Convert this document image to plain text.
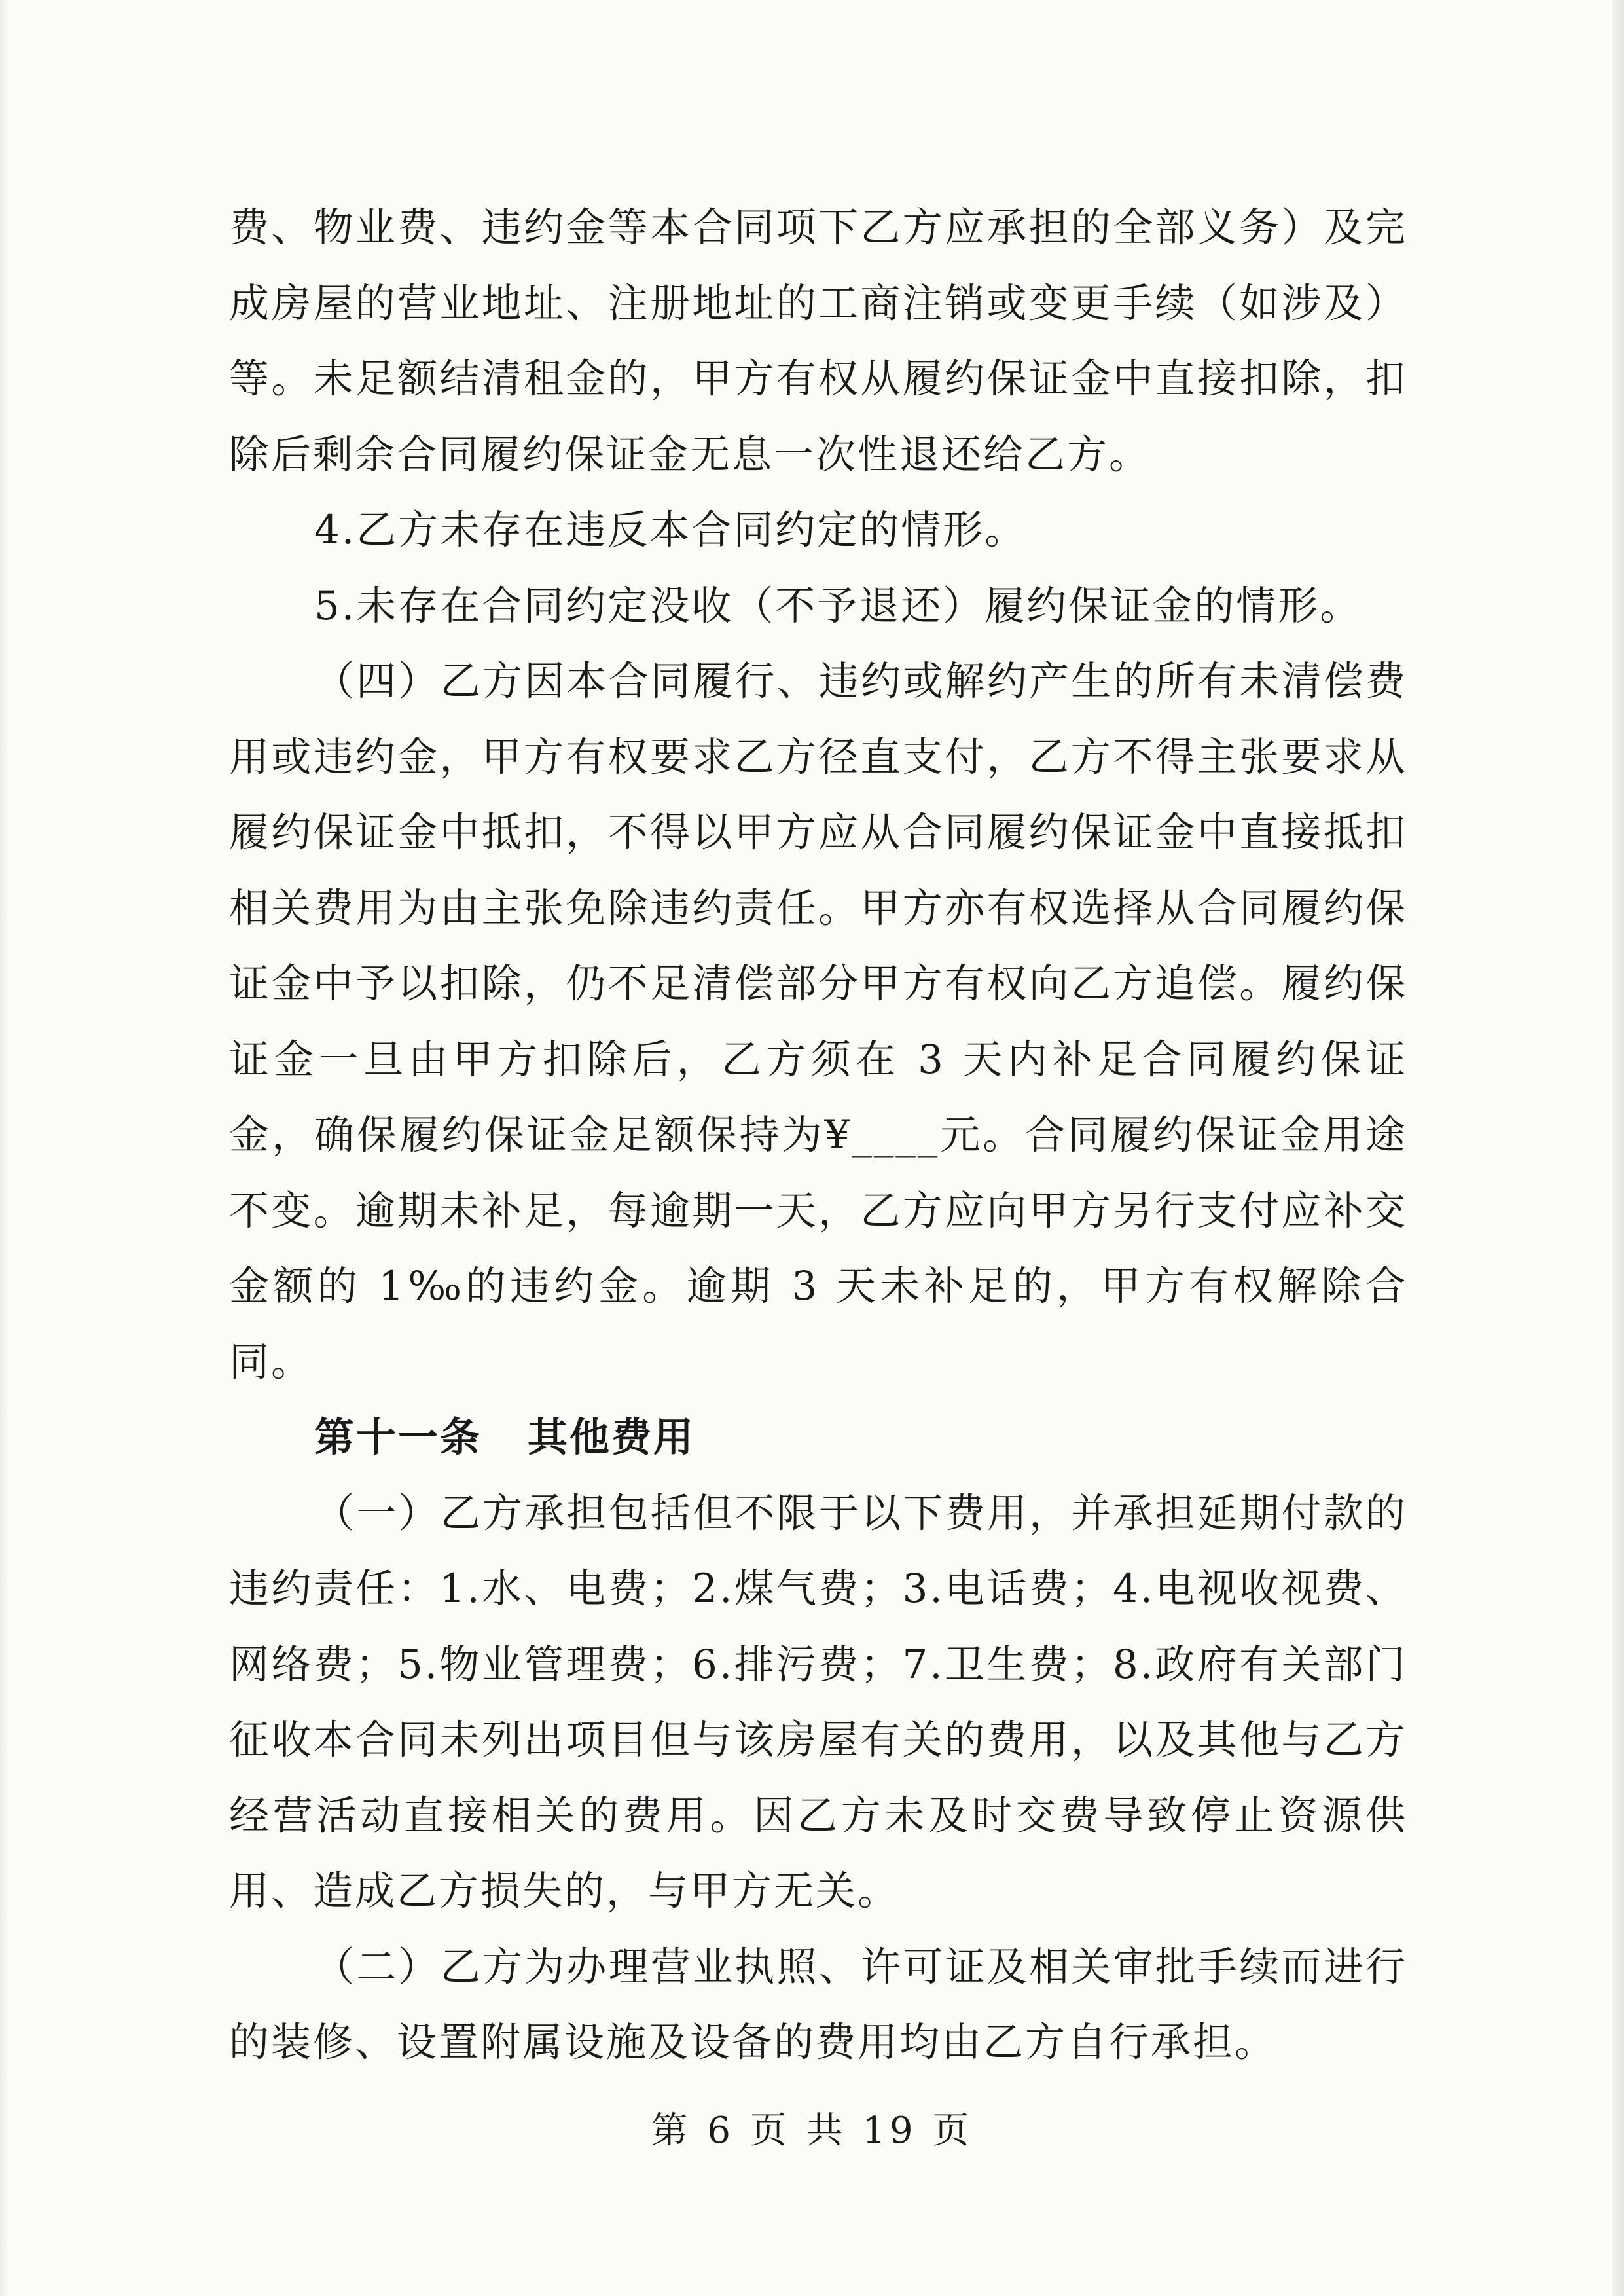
费、物业费、违约金等本合同项下乙方应承担的全部义务）及完成房屋的营业地址、注册地址的工商注销或变更手续（如涉及）等。未足额结清租金的，甲方有权从履约保证金中直接扣除，扣除后剩余合同履约保证金无息一次性退还给乙方。

4.乙方未存在违反本合同约定的情形。

5.未存在合同约定没收（不予退还）履约保证金的情形。

（四）乙方因本合同履行、违约或解约产生的所有未清偿费用或违约金，甲方有权要求乙方径直支付，乙方不得主张要求从履约保证金中抵扣，不得以甲方应从合同履约保证金中直接抵扣相关费用为由主张免除违约责任。甲方亦有权选择从合同履约保证金中予以扣除，仍不足清偿部分甲方有权向乙方追偿。履约保证金一旦由甲方扣除后，乙方须在 3 天内补足合同履约保证金，确保履约保证金足额保持为¥____元。合同履约保证金用途不变。逾期未补足，每逾期一天，乙方应向甲方另行支付应补交金额的 1‰的违约金。逾期 3 天未补足的，甲方有权解除合同。

第十一条 其他费用

（一）乙方承担包括但不限于以下费用，并承担延期付款的违约责任：1.水、电费；2.煤气费；3.电话费；4.电视收视费、网络费；5.物业管理费；6.排污费；7.卫生费；8.政府有关部门征收本合同未列出项目但与该房屋有关的费用，以及其他与乙方经营活动直接相关的费用。因乙方未及时交费导致停止资源供用、造成乙方损失的，与甲方无关。

（二）乙方为办理营业执照、许可证及相关审批手续而进行的装修、设置附属设施及设备的费用均由乙方自行承担。

第 6 页 共 19 页
